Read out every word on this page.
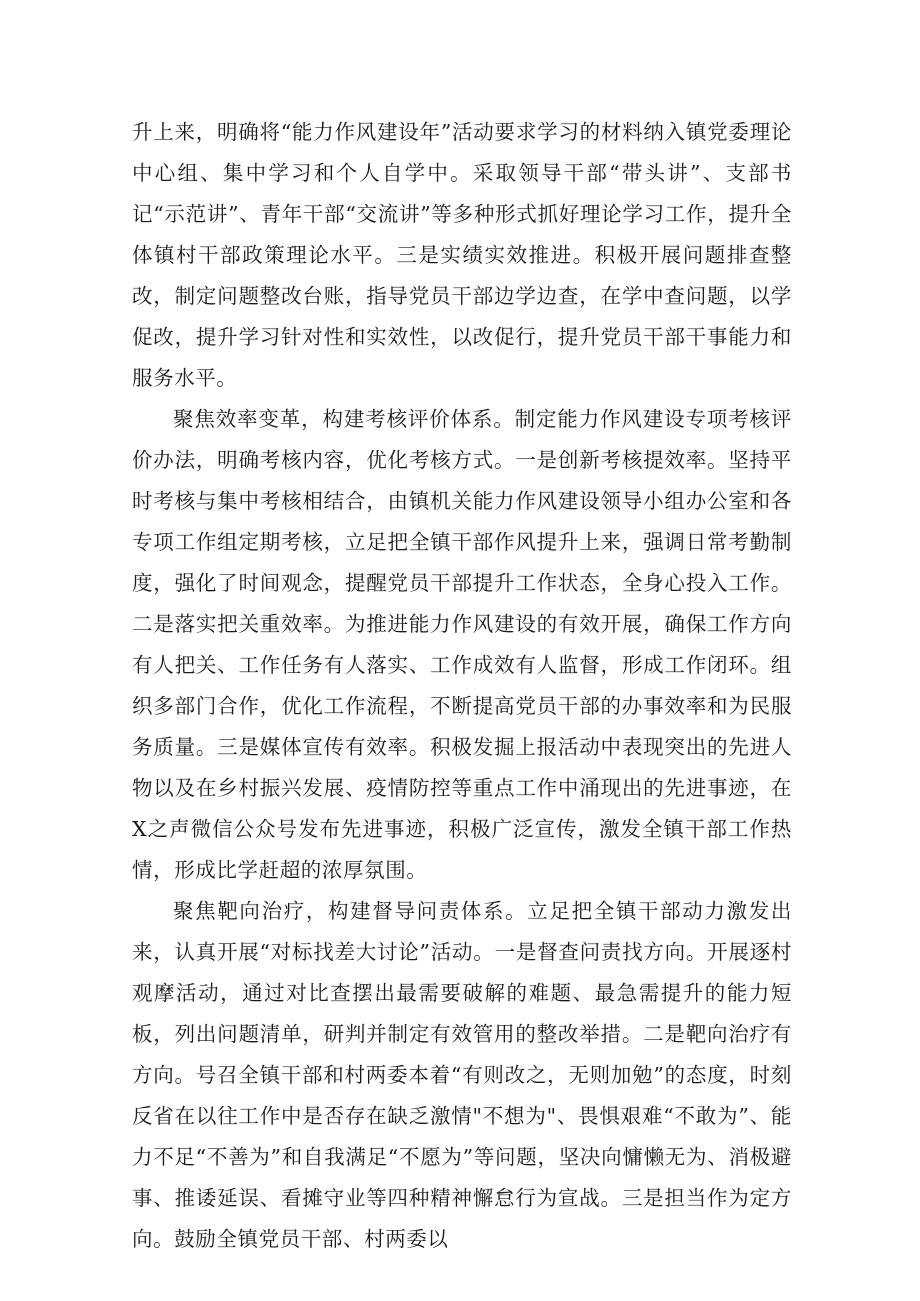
升上来，明确将“能力作风建设年”活动要求学习的材料纳入镇党委理论中心组、集中学习和个人自学中。采取领导干部“带头讲”、支部书记“示范讲”、青年干部“交流讲”等多种形式抓好理论学习工作，提升全体镇村干部政策理论水平。三是实绩实效推进。积极开展问题排查整改，制定问题整改台账，指导党员干部边学边查，在学中查问题，以学促改，提升学习针对性和实效性，以改促行，提升党员干部干事能力和服务水平。

聚焦效率变革，构建考核评价体系。制定能力作风建设专项考核评价办法，明确考核内容，优化考核方式。一是创新考核提效率。坚持平时考核与集中考核相结合，由镇机关能力作风建设领导小组办公室和各专项工作组定期考核，立足把全镇干部作风提升上来，强调日常考勤制度，强化了时间观念，提醒党员干部提升工作状态，全身心投入工作。二是落实把关重效率。为推进能力作风建设的有效开展，确保工作方向有人把关、工作任务有人落实、工作成效有人监督，形成工作闭环。组织多部门合作，优化工作流程，不断提高党员干部的办事效率和为民服务质量。三是媒体宣传有效率。积极发掘上报活动中表现突出的先进人物以及在乡村振兴发展、疫情防控等重点工作中涌现出的先进事迹，在X之声微信公众号发布先进事迹，积极广泛宣传，激发全镇干部工作热情，形成比学赶超的浓厚氛围。

聚焦靶向治疗，构建督导问责体系。立足把全镇干部动力激发出来，认真开展“对标找差大讨论”活动。一是督查问责找方向。开展逐村观摩活动，通过对比查摆出最需要破解的难题、最急需提升的能力短板，列出问题清单，研判并制定有效管用的整改举措。二是靶向治疗有方向。号召全镇干部和村两委本着“有则改之，无则加勉”的态度，时刻反省在以往工作中是否存在缺乏激情"不想为"、畏惧艰难“不敢为”、能力不足“不善为”和自我满足“不愿为”等问题，坚决向慵懒无为、消极避事、推诿延误、看摊守业等四种精神懈怠行为宣战。三是担当作为定方向。鼓励全镇党员干部、村两委以
